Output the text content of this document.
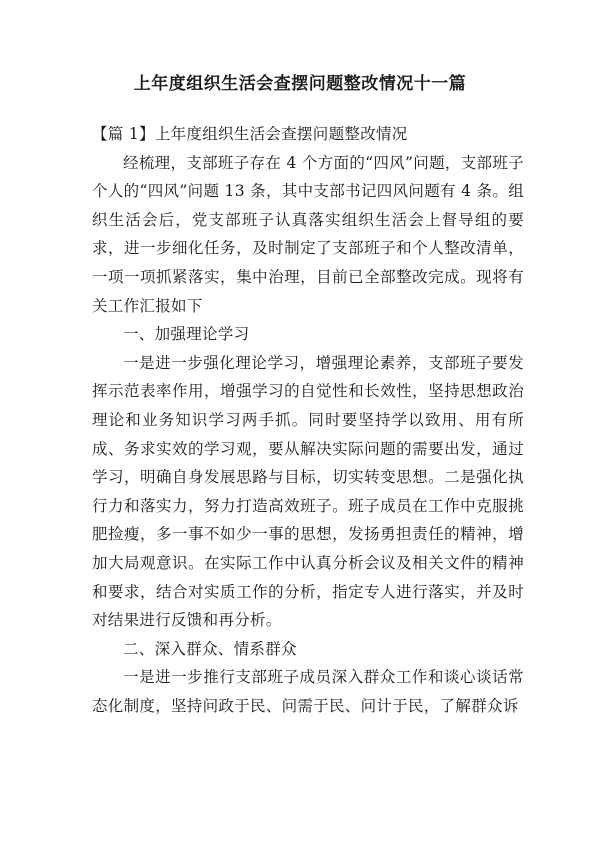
上年度组织生活会查摆问题整改情况十一篇

【篇 1】上年度组织生活会查摆问题整改情况

经梳理，支部班子存在 4 个方面的“四风”问题，支部班子个人的“四风”问题 13 条，其中支部书记四风问题有 4 条。组织生活会后，党支部班子认真落实组织生活会上督导组的要求，进一步细化任务，及时制定了支部班子和个人整改清单，一项一项抓紧落实，集中治理，目前已全部整改完成。现将有关工作汇报如下

一、加强理论学习

一是进一步强化理论学习，增强理论素养，支部班子要发挥示范表率作用，增强学习的自觉性和长效性，坚持思想政治理论和业务知识学习两手抓。同时要坚持学以致用、用有所成、务求实效的学习观，要从解决实际问题的需要出发，通过学习，明确自身发展思路与目标，切实转变思想。二是强化执行力和落实力，努力打造高效班子。班子成员在工作中克服挑肥捡瘦，多一事不如少一事的思想，发扬勇担责任的精神，增加大局观意识。在实际工作中认真分析会议及相关文件的精神和要求，结合对实质工作的分析，指定专人进行落实，并及时对结果进行反馈和再分析。

二、深入群众、情系群众

一是进一步推行支部班子成员深入群众工作和谈心谈话常态化制度，坚持问政于民、问需于民、问计于民，了解群众诉
